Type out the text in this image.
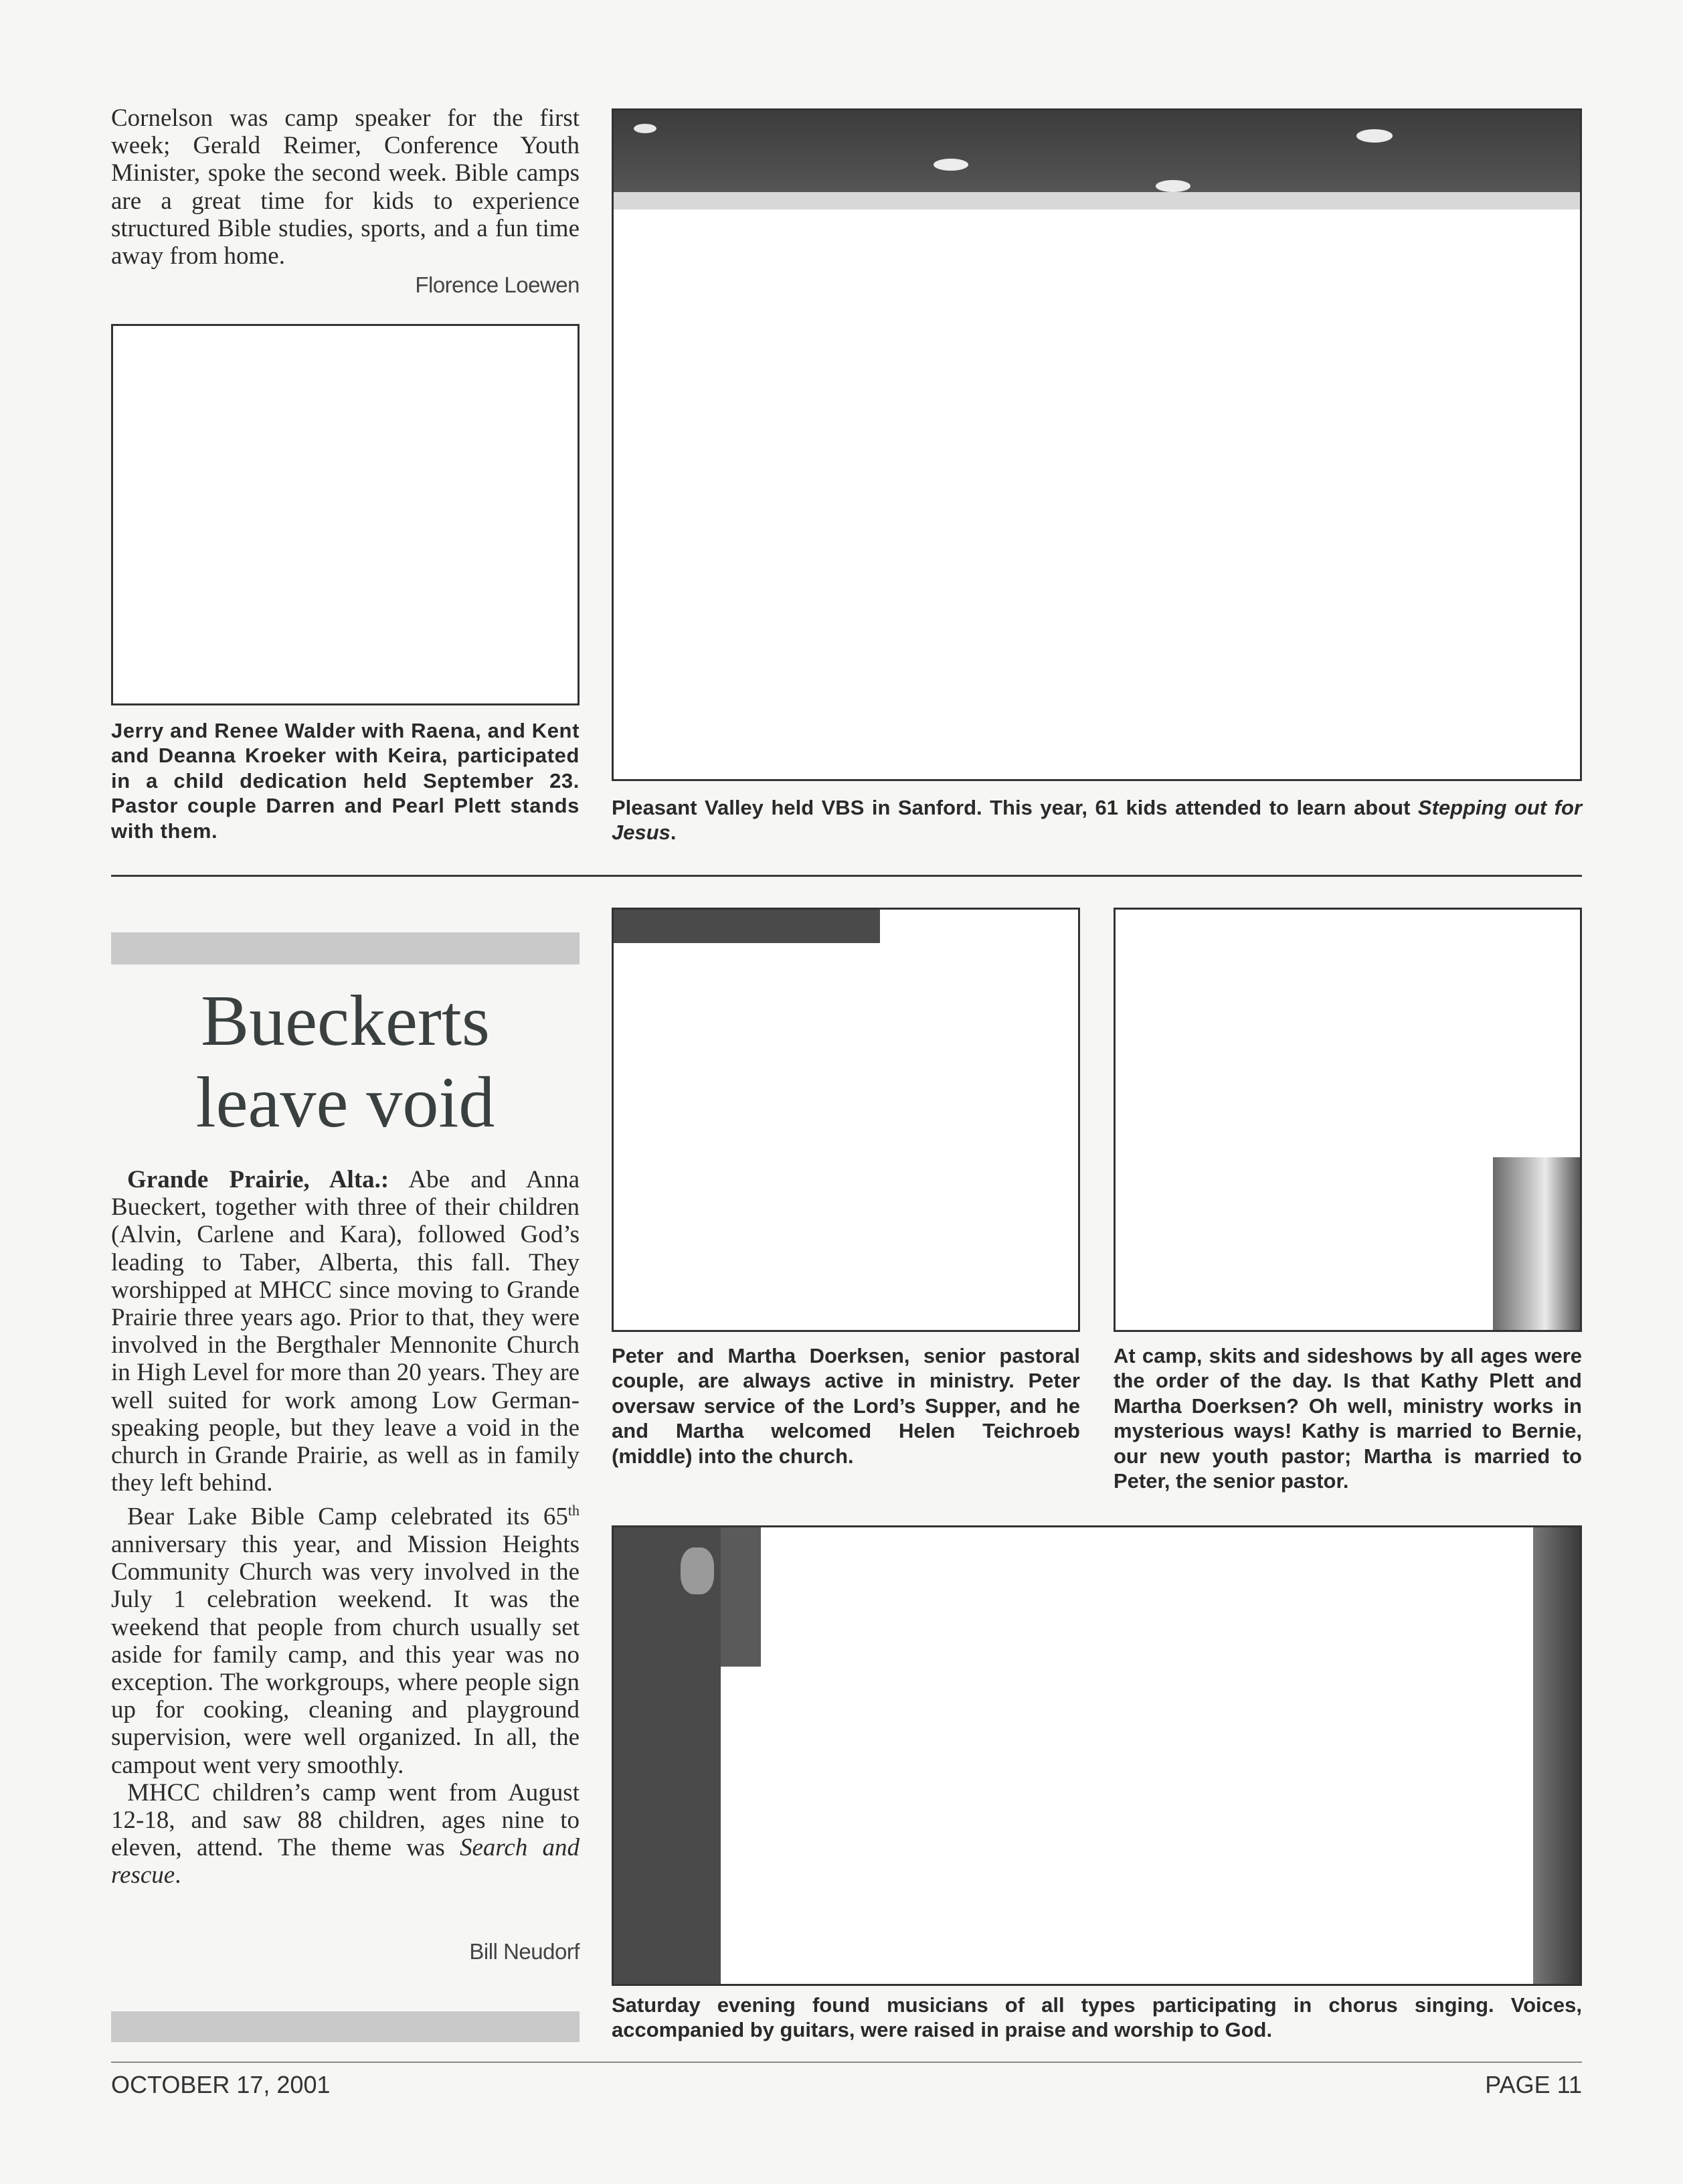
Cornelson was camp speaker for the first week; Gerald Reimer, Conference Youth Minister, spoke the second week. Bible camps are a great time for kids to experience structured Bible studies, sports, and a fun time away from home.
Florence Loewen
Pleasant Valley held VBS in Sanford. This year, 61 kids attended to learn about Stepping out for Jesus.
Jerry and Renee Walder with Raena, and Kent and Deanna Kroeker with Keira, participated in a child dedication held September 23. Pastor couple Darren and Pearl Plett stands with them.
Bueckerts
leave void

Grande Prairie, Alta.: Abe and Anna Bueckert, together with three of their children (Alvin, Carlene and Kara), followed God’s leading to Taber, Alberta, this fall. They worshipped at MHCC since moving to Grande Prairie three years ago. Prior to that, they were involved in the Bergthaler Mennonite Church in High Level for more than 20 years. They are well suited for work among Low German-speaking people, but they leave a void in the church in Grande Prairie, as well as in family they left behind.

Bear Lake Bible Camp celebrated its 65th anniversary this year, and Mission Heights Community Church was very involved in the July 1 celebration weekend. It was the weekend that people from church usually set aside for family camp, and this year was no exception. The workgroups, where people sign up for cooking, cleaning and playground supervision, were well organized. In all, the campout went very smoothly.

MHCC children’s camp went from August 12-18, and saw 88 children, ages nine to eleven, attend. The theme was Search and rescue.

Bill Neudorf
Peter and Martha Doerksen, senior pastoral couple, are always active in ministry. Peter oversaw service of the Lord’s Supper, and he and Martha welcomed Helen Teichroeb (middle) into the church.
At camp, skits and sideshows by all ages were the order of the day. Is that Kathy Plett and Martha Doerksen? Oh well, ministry works in mysterious ways! Kathy is married to Bernie, our new youth pastor; Martha is married to Peter, the senior pastor.
Saturday evening found musicians of all types participating in chorus singing. Voices, accompanied by guitars, were raised in praise and worship to God.
OCTOBER 17, 2001	PAGE 11
